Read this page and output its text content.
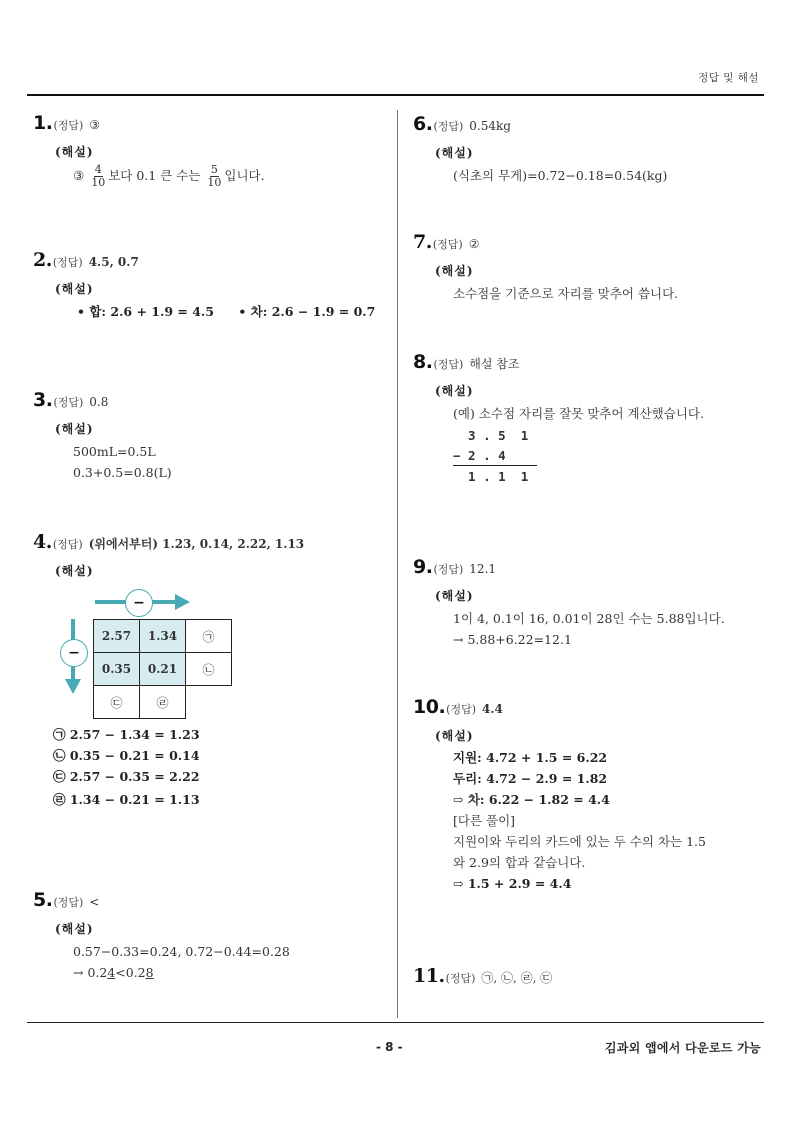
정답 및 해설
- 8 -	김과외 앱에서 다운로드 가능
1. (정답) ③
(해설)
③ $\frac{4}{10}$ 보다 0.1 큰 수는 $\frac{5}{10}$ 입니다.
2. (정답) 4.5, 0.7
(해설)
• 합: 2.6 + 1.9 = 4.5 • 차: 2.6 − 1.9 = 0.7
3. (정답) 0.8
(해설)
500mL=0.5L
0.3+0.5=0.8(L)
4. (정답) (위에서부터) 1.23, 0.14, 2.22, 1.13
(해설)
−
−
2.57	1.34	㉠
0.35	0.21	㉡
㉢	㉣	
㉠ 2.57 − 1.34 = 1.23
㉡ 0.35 − 0.21 = 0.14
㉢ 2.57 − 0.35 = 2.22
㉣ 1.34 − 0.21 = 1.13
5. (정답) <
(해설)
0.57−0.33=0.24, 0.72−0.44=0.28
→ 0.24<0.28
6. (정답) 0.54kg
(해설)
(식초의 무게)=0.72−0.18=0.54(kg)
7. (정답) ②
(해설)
소수점을 기준으로 자리를 맞추어 씁니다.
8. (정답) 해설 참조
(해설)
(예) 소수점 자리를 잘못 맞추어 계산했습니다.
3 . 5  1
− 2 . 4
1 . 1  1
9. (정답) 12.1
(해설)
1이 4, 0.1이 16, 0.01이 28인 수는 5.88입니다.
→ 5.88+6.22=12.1
10. (정답) 4.4
(해설)
지원: 4.72 + 1.5 = 6.22
두리: 4.72 − 2.9 = 1.82
⇨ 차: 6.22 − 1.82 = 4.4
[다른 풀이]
지원이와 두리의 카드에 있는 두 수의 차는 1.5
와 2.9의 합과 같습니다.
⇨ 1.5 + 2.9 = 4.4
11. (정답) ㉠, ㉡, ㉣, ㉢
